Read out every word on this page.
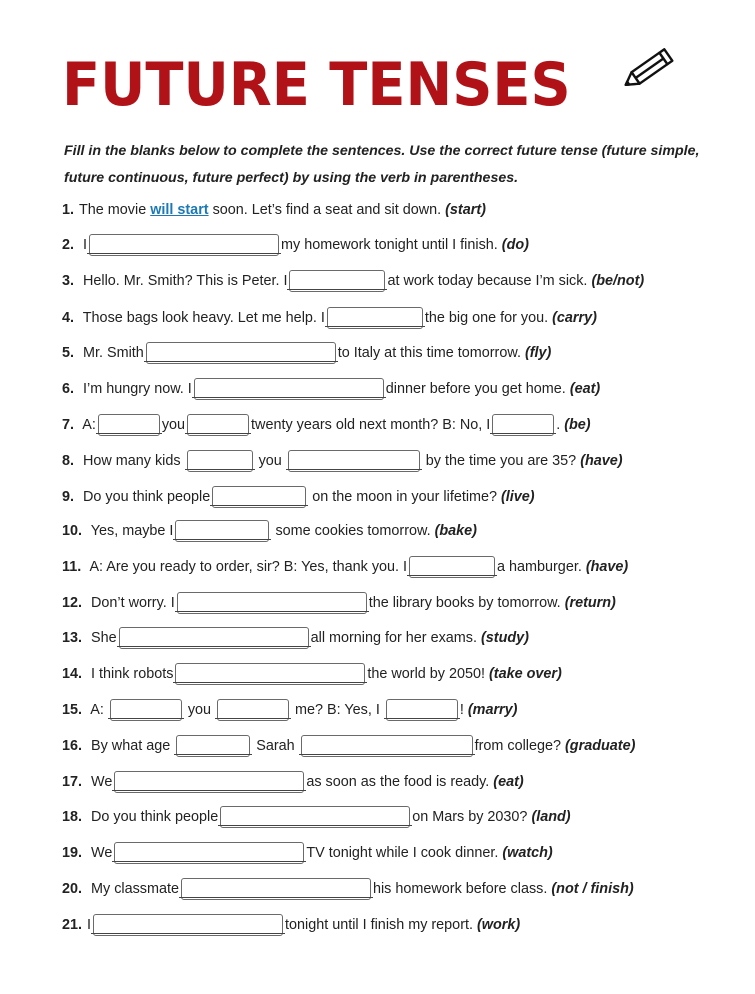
FUTURE TENSES

Fill in the blanks below to complete the sentences. Use the correct future tense (future simple, future continuous, future perfect) by using the verb in parentheses.

1. The movie will start soon. Let’s find a seat and sit down. (start)
2. I	my homework tonight until I finish. (do)
3. Hello. Mr. Smith? This is Peter. I	at work today because I’m sick. (be/not)
4. Those bags look heavy. Let me help. I	the big one for you. (carry)
5. Mr. Smith	to Italy at this time tomorrow. (fly)
6. I’m hungry now. I	dinner before you get home. (eat)
7. A:	you	twenty years old next month? B: No, I	. (be)
8. How many kids	you	by the time you are 35? (have)
9. Do you think people	on the moon in your lifetime? (live)
10. Yes, maybe I	some cookies tomorrow. (bake)
11. A: Are you ready to order, sir? B: Yes, thank you. I	a hamburger. (have)
12. Don’t worry. I	the library books by tomorrow. (return)
13. She	all morning for her exams. (study)
14. I think robots	the world by 2050! (take over)
15. A:	you	me? B: Yes, I	! (marry)
16. By what age	Sarah	from college? (graduate)
17. We	as soon as the food is ready. (eat)
18. Do you think people	on Mars by 2030? (land)
19. We	TV tonight while I cook dinner. (watch)
20. My classmate	his homework before class. (not / finish)
21. I	tonight until I finish my report. (work)
